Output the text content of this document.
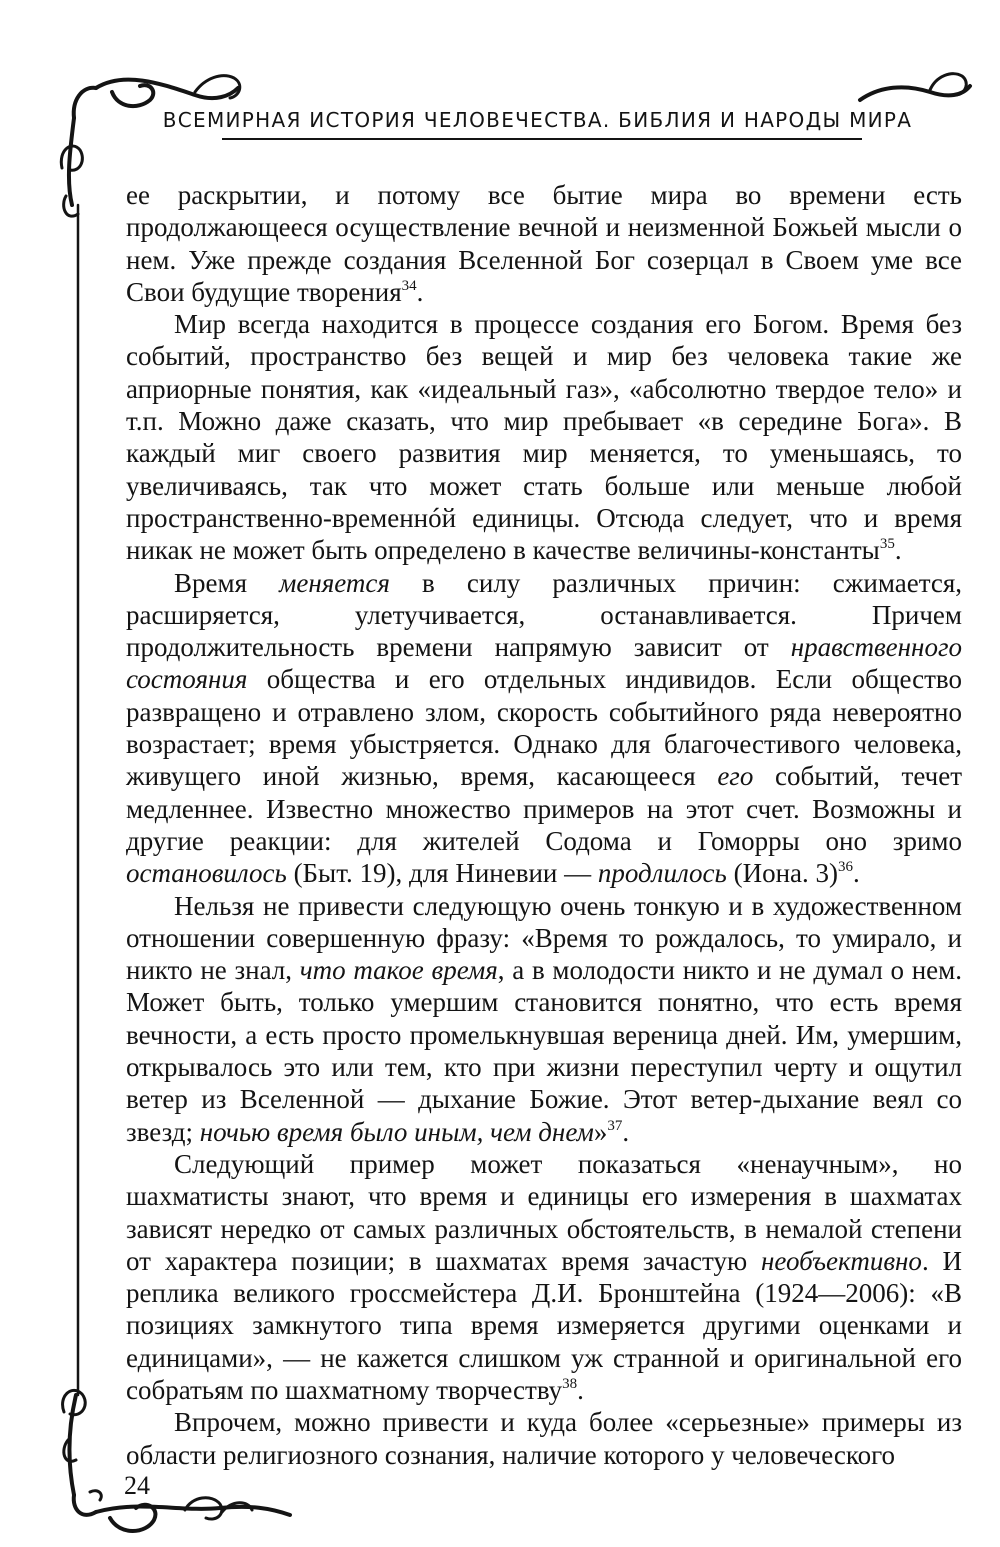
ВСЕМИРНАЯ ИСТОРИЯ ЧЕЛОВЕЧЕСТВА. БИБЛИЯ И НАРОДЫ МИРА

ее раскрытии, и потому все бытие мира во времени есть продолжающееся осуществление вечной и неизменной Божьей мысли о нем. Уже прежде создания Вселенной Бог созерцал в Своем уме все Свои будущие творения$^{34}$.

Мир всегда находится в процессе создания его Богом. Время без событий, пространство без вещей и мир без человека такие же априорные понятия, как «идеальный газ», «абсолютно твердое тело» и т.п. Можно даже сказать, что мир пребывает «в середине Бога». В каждый миг своего развития мир меняется, то уменьшаясь, то увеличиваясь, так что может стать больше или меньше любой пространственно-временнóй единицы. Отсюда следует, что и время никак не может быть определено в качестве величины-константы$^{35}$.

Время меняется в силу различных причин: сжимается, расширяется, улетучивается, останавливается. Причем продолжительность времени напрямую зависит от нравственного состояния общества и его отдельных индивидов. Если общество развращено и отравлено злом, скорость событийного ряда невероятно возрастает; время убыстряется. Однако для благочестивого человека, живущего иной жизнью, время, касающееся его событий, течет медленнее. Известно множество примеров на этот счет. Возможны и другие реакции: для жителей Содома и Гоморры оно зримо остановилось (Быт. 19), для Ниневии — продлилось (Иона. 3)$^{36}$.

Нельзя не привести следующую очень тонкую и в художественном отношении совершенную фразу: «Время то рождалось, то умирало, и никто не знал, что такое время, а в молодости никто и не думал о нем. Может быть, только умершим становится понятно, что есть время вечности, а есть просто промелькнувшая вереница дней. Им, умершим, открывалось это или тем, кто при жизни переступил черту и ощутил ветер из Вселенной — дыхание Божие. Этот ветер-дыхание веял со звезд; ночью время было иным, чем днем»$^{37}$.

Следующий пример может показаться «ненаучным», но шахматисты знают, что время и единицы его измерения в шахматах зависят нередко от самых различных обстоятельств, в немалой степени от характера позиции; в шахматах время зачастую необъективно. И реплика великого гроссмейстера Д.И. Бронштейна (1924—2006): «В позициях замкнутого типа время измеряется другими оценками и единицами», — не кажется слишком уж странной и оригинальной его собратьям по шахматному творчеству$^{38}$.

Впрочем, можно привести и куда более «серьезные» примеры из области религиозного сознания, наличие которого у человеческого

24
